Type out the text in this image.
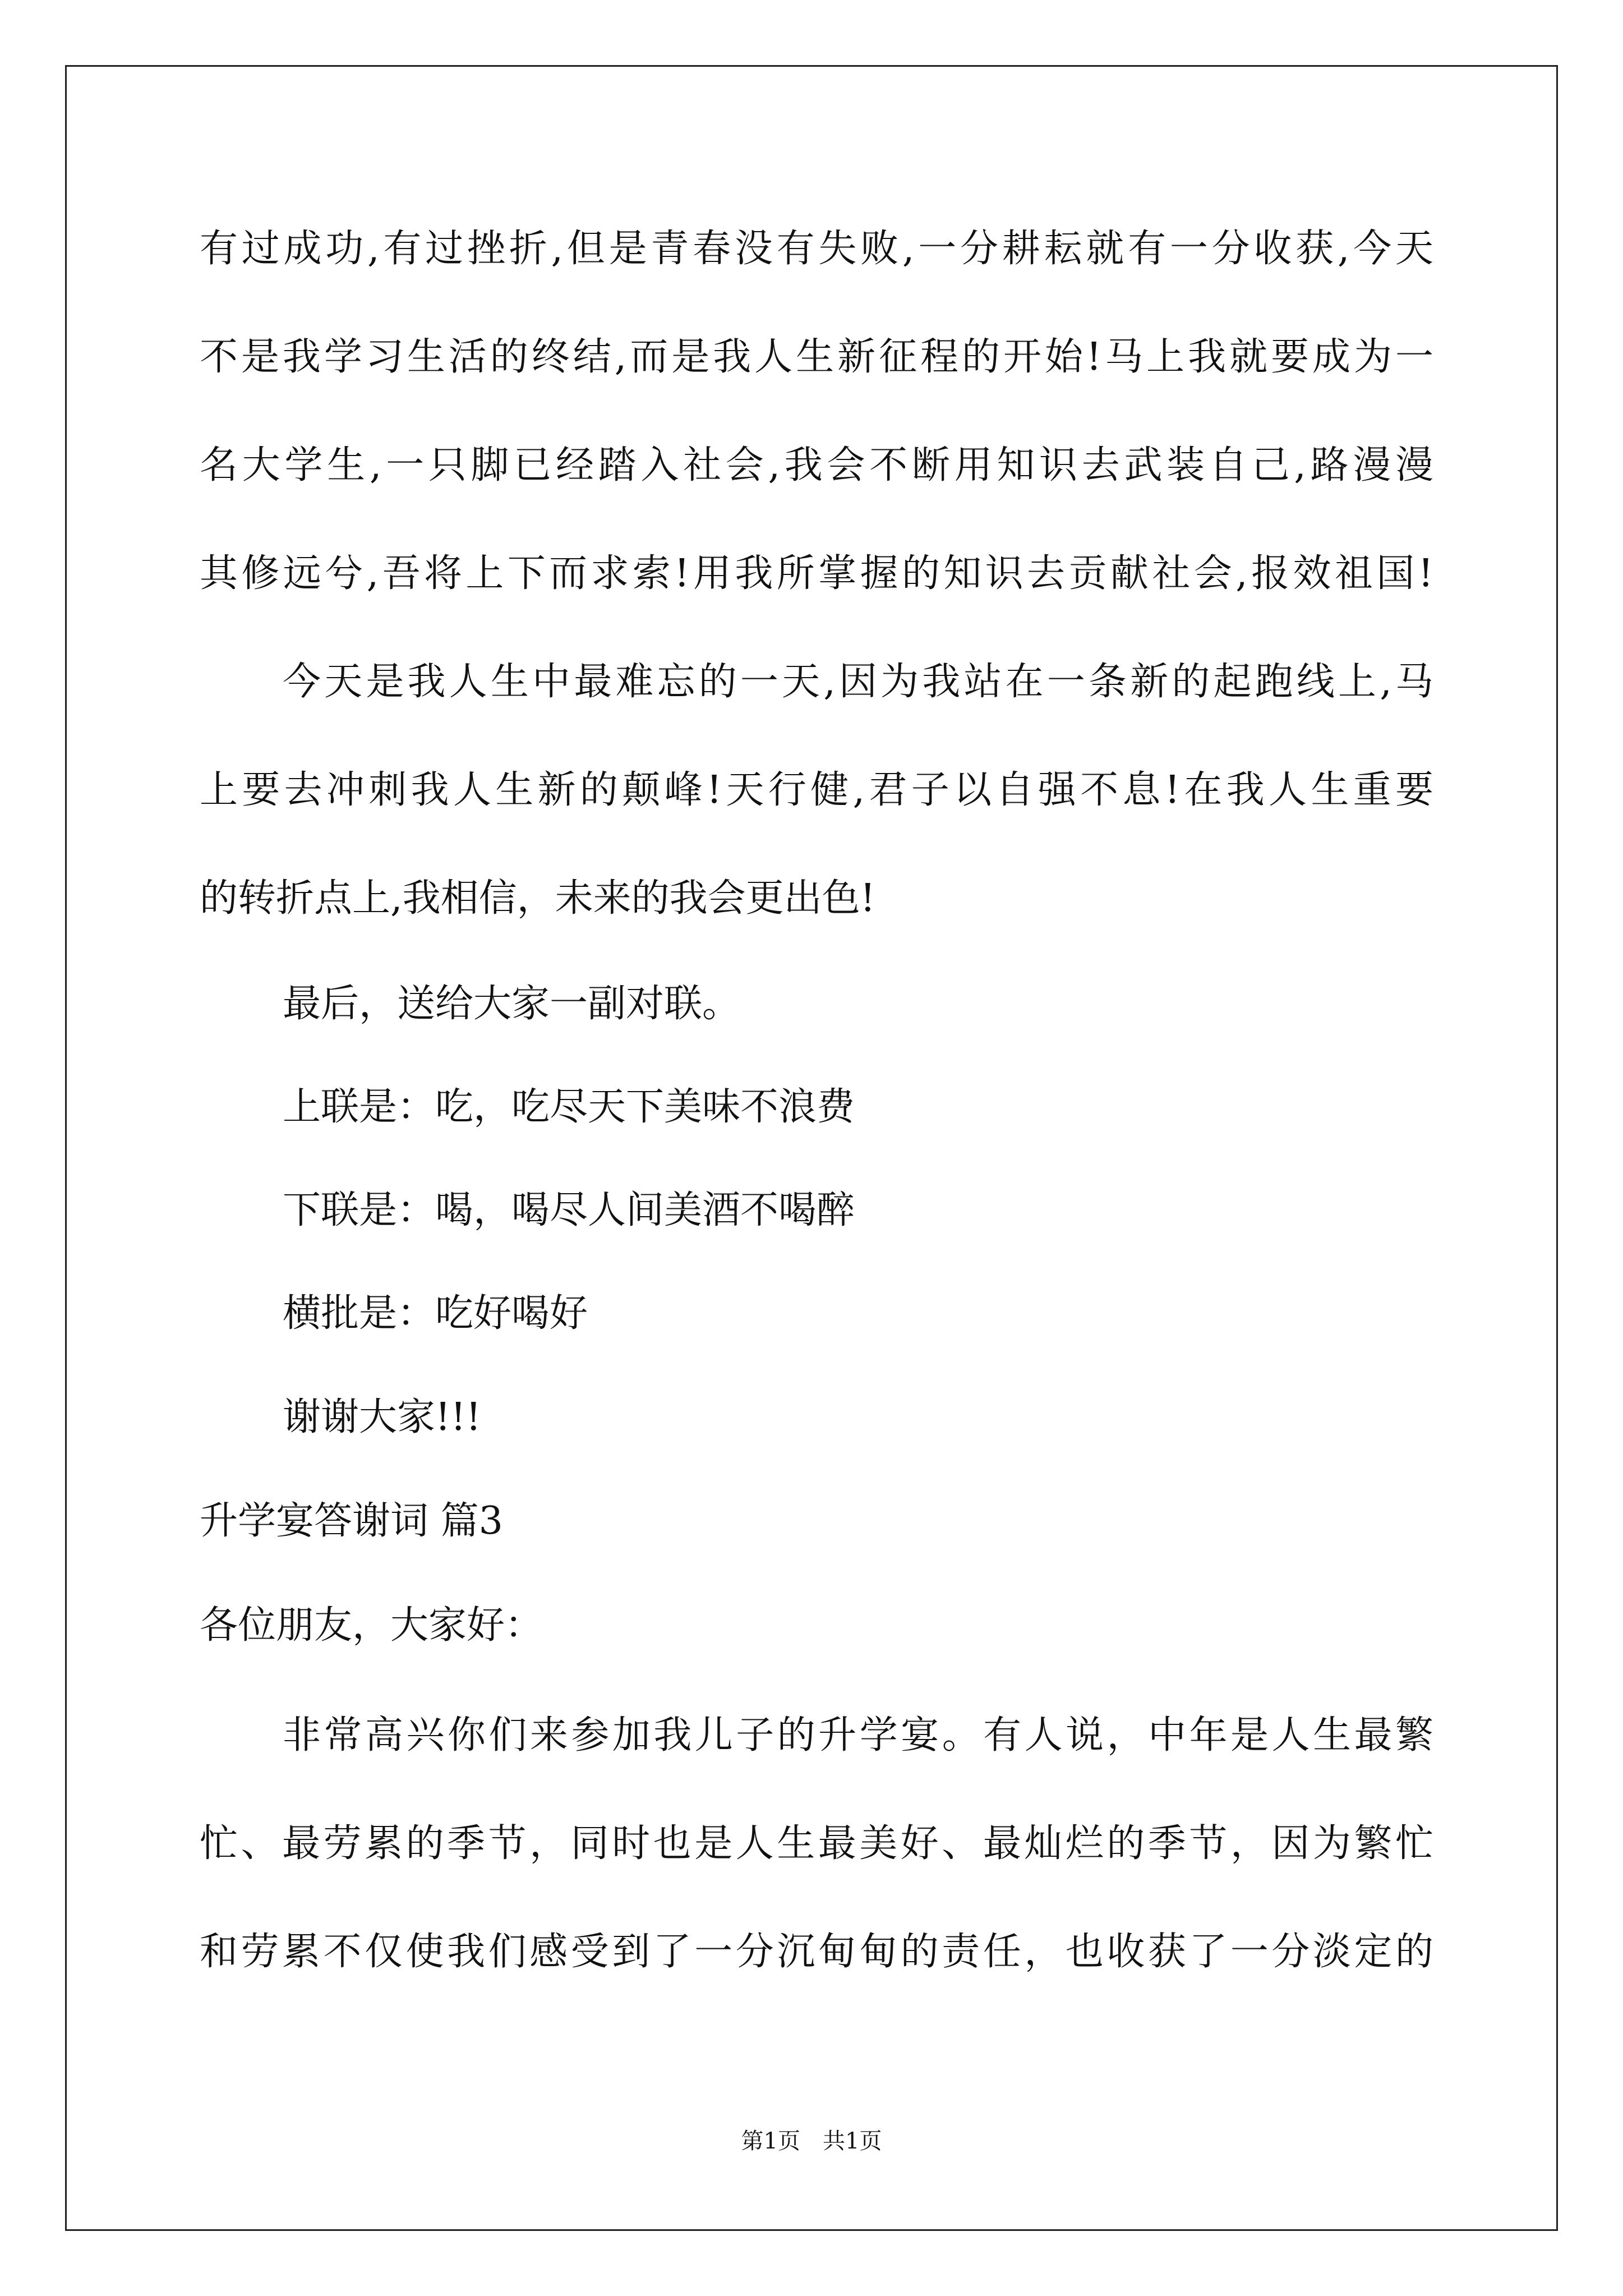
有过成功,有过挫折,但是青春没有失败,一分耕耘就有一分收获,今天
不是我学习生活的终结,而是我人生新征程的开始!马上我就要成为一
名大学生,一只脚已经踏入社会,我会不断用知识去武装自己,路漫漫
其修远兮,吾将上下而求索!用我所掌握的知识去贡献社会,报效祖国!
今天是我人生中最难忘的一天,因为我站在一条新的起跑线上,马
上要去冲刺我人生新的颠峰!天行健,君子以自强不息!在我人生重要
的转折点上,我相信，未来的我会更出色!
最后，送给大家一副对联。
上联是：吃，吃尽天下美味不浪费
下联是：喝，喝尽人间美酒不喝醉
横批是：吃好喝好
谢谢大家!!!
升学宴答谢词 篇3
各位朋友，大家好：
非常高兴你们来参加我儿子的升学宴。有人说，中年是人生最繁
忙、最劳累的季节，同时也是人生最美好、最灿烂的季节，因为繁忙
和劳累不仅使我们感受到了一分沉甸甸的责任，也收获了一分淡定的
第1页　共1页
